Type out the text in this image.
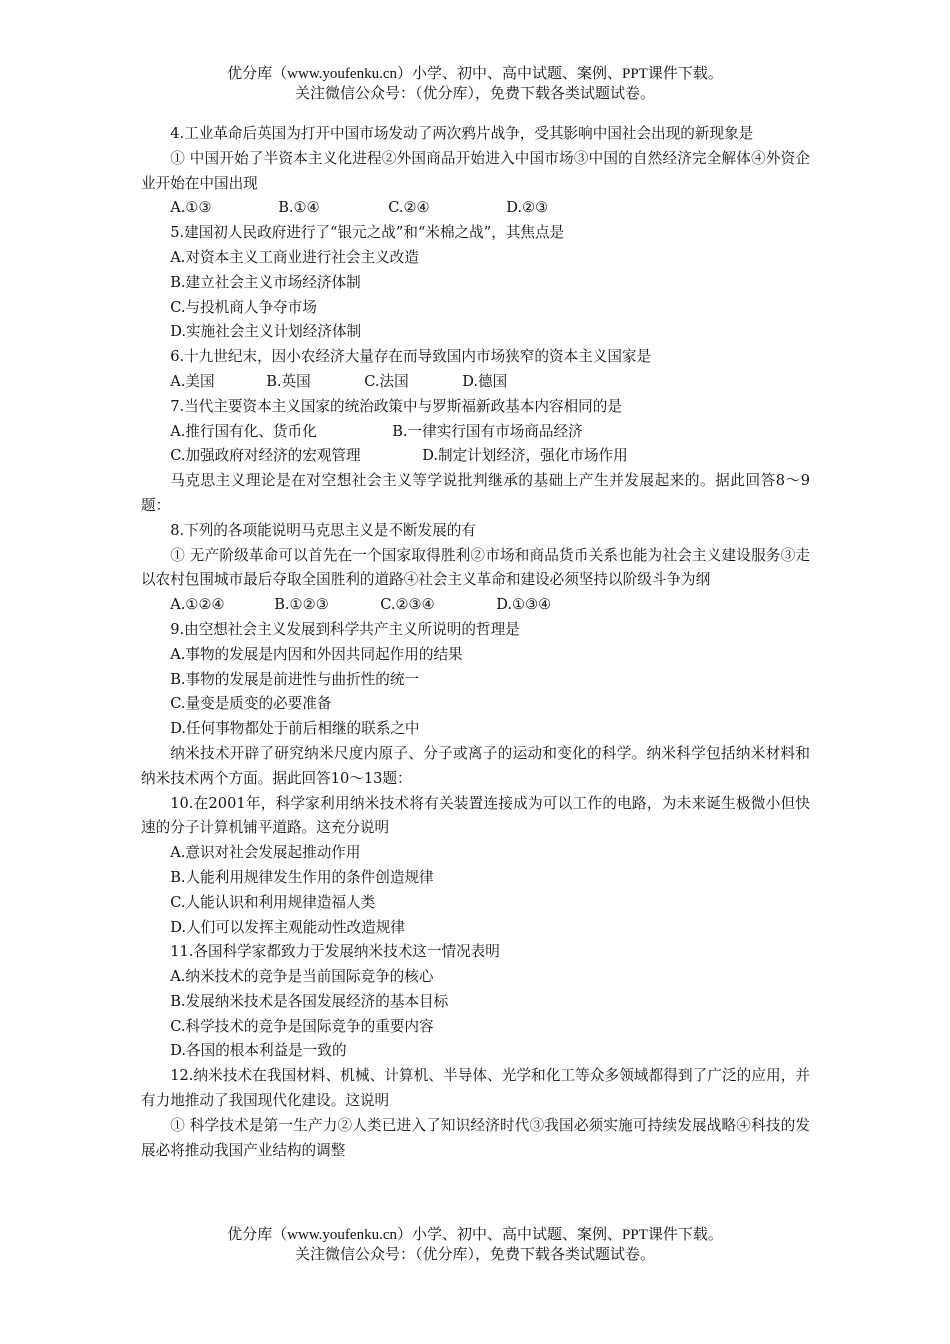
优分库（www.youfenku.cn）小学、初中、高中试题、案例、PPT课件下载。
关注微信公众号：（优分库），免费下载各类试题试卷。

4.工业革命后英国为打开中国市场发动了两次鸦片战争，受其影响中国社会出现的新现象是

① 中国开始了半资本主义化进程②外国商品开始进入中国市场③中国的自然经济完全解体④外资企业开始在中国出现

A.①③	B.①④	C.②④	D.②③

5.建国初人民政府进行了“银元之战”和“米棉之战”，其焦点是

A.对资本主义工商业进行社会主义改造

B.建立社会主义市场经济体制

C.与投机商人争夺市场

D.实施社会主义计划经济体制

6.十九世纪末，因小农经济大量存在而导致国内市场狭窄的资本主义国家是

A.美国	B.英国	C.法国	D.德国

7.当代主要资本主义国家的统治政策中与罗斯福新政基本内容相同的是

A.推行国有化、货币化	B.一律实行国有市场商品经济

C.加强政府对经济的宏观管理	D.制定计划经济，强化市场作用

马克思主义理论是在对空想社会主义等学说批判继承的基础上产生并发展起来的。据此回答8～9题：

8.下列的各项能说明马克思主义是不断发展的有

① 无产阶级革命可以首先在一个国家取得胜利②市场和商品货币关系也能为社会主义建设服务③走以农村包围城市最后夺取全国胜利的道路④社会主义革命和建设必须坚持以阶级斗争为纲

A.①②④	B.①②③	C.②③④	D.①③④

9.由空想社会主义发展到科学共产主义所说明的哲理是

A.事物的发展是内因和外因共同起作用的结果

B.事物的发展是前进性与曲折性的统一

C.量变是质变的必要准备

D.任何事物都处于前后相继的联系之中

纳米技术开辟了研究纳米尺度内原子、分子或离子的运动和变化的科学。纳米科学包括纳米材料和纳米技术两个方面。据此回答10～13题：

10.在2001年，科学家利用纳米技术将有关装置连接成为可以工作的电路，为未来诞生极微小但快速的分子计算机铺平道路。这充分说明

A.意识对社会发展起推动作用

B.人能利用规律发生作用的条件创造规律

C.人能认识和利用规律造福人类

D.人们可以发挥主观能动性改造规律

11.各国科学家都致力于发展纳米技术这一情况表明

A.纳米技术的竞争是当前国际竞争的核心

B.发展纳米技术是各国发展经济的基本目标

C.科学技术的竞争是国际竞争的重要内容

D.各国的根本利益是一致的

12.纳米技术在我国材料、机械、计算机、半导体、光学和化工等众多领域都得到了广泛的应用，并有力地推动了我国现代化建设。这说明

① 科学技术是第一生产力②人类已进入了知识经济时代③我国必须实施可持续发展战略④科技的发展必将推动我国产业结构的调整

优分库（www.youfenku.cn）小学、初中、高中试题、案例、PPT课件下载。
关注微信公众号：（优分库），免费下载各类试题试卷。
